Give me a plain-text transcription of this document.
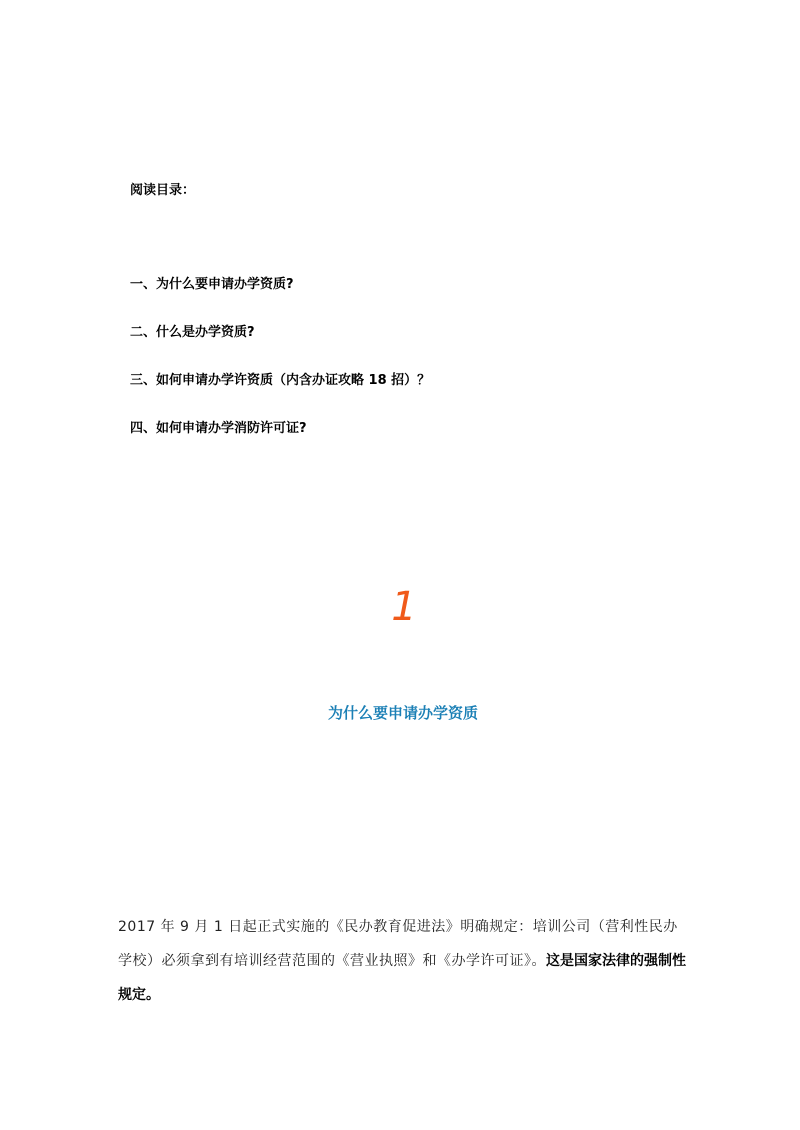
阅读目录：
一、为什么要申请办学资质?
二、什么是办学资质?
三、如何申请办学许资质（内含办证攻略 18 招）？
四、如何申请办学消防许可证?
1
为什么要申请办学资质

2017 年 9 月 1 日起正式实施的《民办教育促进法》明确规定：培训公司（营利性民办学校）必须拿到有培训经营范围的《营业执照》和《办学许可证》。这是国家法律的强制性规定。
